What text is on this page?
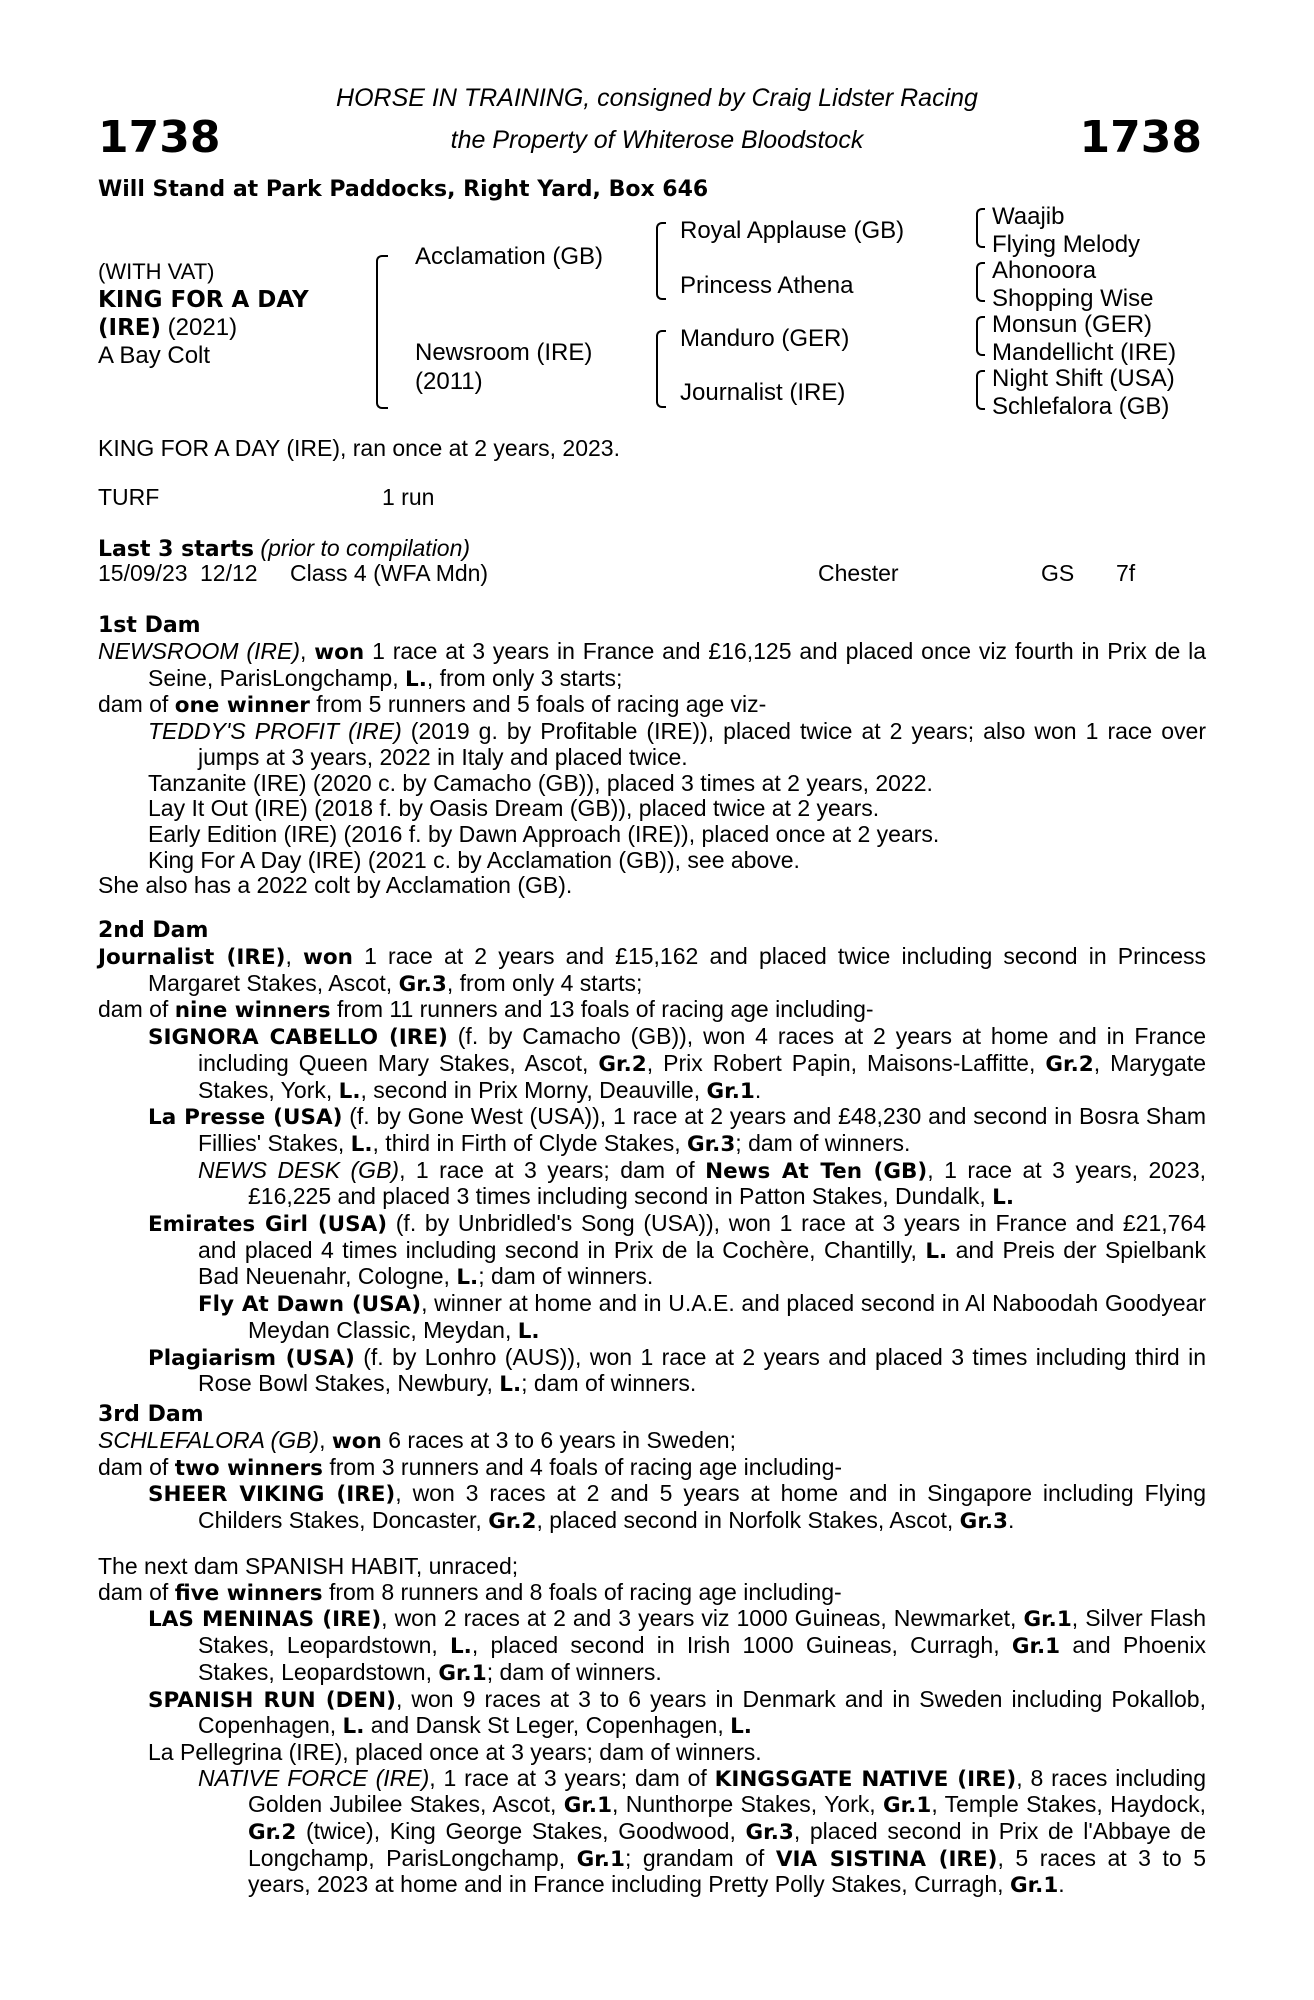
HORSE IN TRAINING, consigned by Craig Lidster Racing
the Property of Whiterose Bloodstock
1738	1738
Will Stand at Park Paddocks, Right Yard, Box 646
(WITH VAT)
KING FOR A DAY
(IRE) (2021)
A Bay Colt
Acclamation (GB)
Newsroom (IRE)
(2011)
Royal Applause (GB)
Princess Athena
Manduro (GER)
Journalist (IRE)
Waajib
Flying Melody
Ahonoora
Shopping Wise
Monsun (GER)
Mandellicht (IRE)
Night Shift (USA)
Schlefalora (GB)
KING FOR A DAY (IRE), ran once at 2 years, 2023.
TURF	1 run
Last 3 starts (prior to compilation)
15/09/23 12/12 Class 4 (WFA Mdn)	Chester	GS 7f
1st Dam
NEWSROOM (IRE), won 1 race at 3 years in France and £16,125 and placed once viz fourth in Prix de la Seine, ParisLongchamp, L., from only 3 starts;
dam of one winner from 5 runners and 5 foals of racing age viz-
TEDDY'S PROFIT (IRE) (2019 g. by Profitable (IRE)), placed twice at 2 years; also won 1 race over jumps at 3 years, 2022 in Italy and placed twice.
Tanzanite (IRE) (2020 c. by Camacho (GB)), placed 3 times at 2 years, 2022.
Lay It Out (IRE) (2018 f. by Oasis Dream (GB)), placed twice at 2 years.
Early Edition (IRE) (2016 f. by Dawn Approach (IRE)), placed once at 2 years.
King For A Day (IRE) (2021 c. by Acclamation (GB)), see above.
She also has a 2022 colt by Acclamation (GB).
2nd Dam
Journalist (IRE), won 1 race at 2 years and £15,162 and placed twice including second in Princess Margaret Stakes, Ascot, Gr.3, from only 4 starts;
dam of nine winners from 11 runners and 13 foals of racing age including-
SIGNORA CABELLO (IRE) (f. by Camacho (GB)), won 4 races at 2 years at home and in France including Queen Mary Stakes, Ascot, Gr.2, Prix Robert Papin, Maisons-Laffitte, Gr.2, Marygate Stakes, York, L., second in Prix Morny, Deauville, Gr.1.
La Presse (USA) (f. by Gone West (USA)), 1 race at 2 years and £48,230 and second in Bosra Sham Fillies' Stakes, L., third in Firth of Clyde Stakes, Gr.3; dam of winners.
NEWS DESK (GB), 1 race at 3 years; dam of News At Ten (GB), 1 race at 3 years, 2023, £16,225 and placed 3 times including second in Patton Stakes, Dundalk, L.
Emirates Girl (USA) (f. by Unbridled's Song (USA)), won 1 race at 3 years in France and £21,764 and placed 4 times including second in Prix de la Cochère, Chantilly, L. and Preis der Spielbank Bad Neuenahr, Cologne, L.; dam of winners.
Fly At Dawn (USA), winner at home and in U.A.E. and placed second in Al Naboodah Goodyear Meydan Classic, Meydan, L.
Plagiarism (USA) (f. by Lonhro (AUS)), won 1 race at 2 years and placed 3 times including third in Rose Bowl Stakes, Newbury, L.; dam of winners.
3rd Dam
SCHLEFALORA (GB), won 6 races at 3 to 6 years in Sweden;
dam of two winners from 3 runners and 4 foals of racing age including-
SHEER VIKING (IRE), won 3 races at 2 and 5 years at home and in Singapore including Flying Childers Stakes, Doncaster, Gr.2, placed second in Norfolk Stakes, Ascot, Gr.3.
The next dam SPANISH HABIT, unraced;
dam of five winners from 8 runners and 8 foals of racing age including-
LAS MENINAS (IRE), won 2 races at 2 and 3 years viz 1000 Guineas, Newmarket, Gr.1, Silver Flash Stakes, Leopardstown, L., placed second in Irish 1000 Guineas, Curragh, Gr.1 and Phoenix Stakes, Leopardstown, Gr.1; dam of winners.
SPANISH RUN (DEN), won 9 races at 3 to 6 years in Denmark and in Sweden including Pokallob, Copenhagen, L. and Dansk St Leger, Copenhagen, L.
La Pellegrina (IRE), placed once at 3 years; dam of winners.
NATIVE FORCE (IRE), 1 race at 3 years; dam of KINGSGATE NATIVE (IRE), 8 races including Golden Jubilee Stakes, Ascot, Gr.1, Nunthorpe Stakes, York, Gr.1, Temple Stakes, Haydock, Gr.2 (twice), King George Stakes, Goodwood, Gr.3, placed second in Prix de l'Abbaye de Longchamp, ParisLongchamp, Gr.1; grandam of VIA SISTINA (IRE), 5 races at 3 to 5 years, 2023 at home and in France including Pretty Polly Stakes, Curragh, Gr.1.
